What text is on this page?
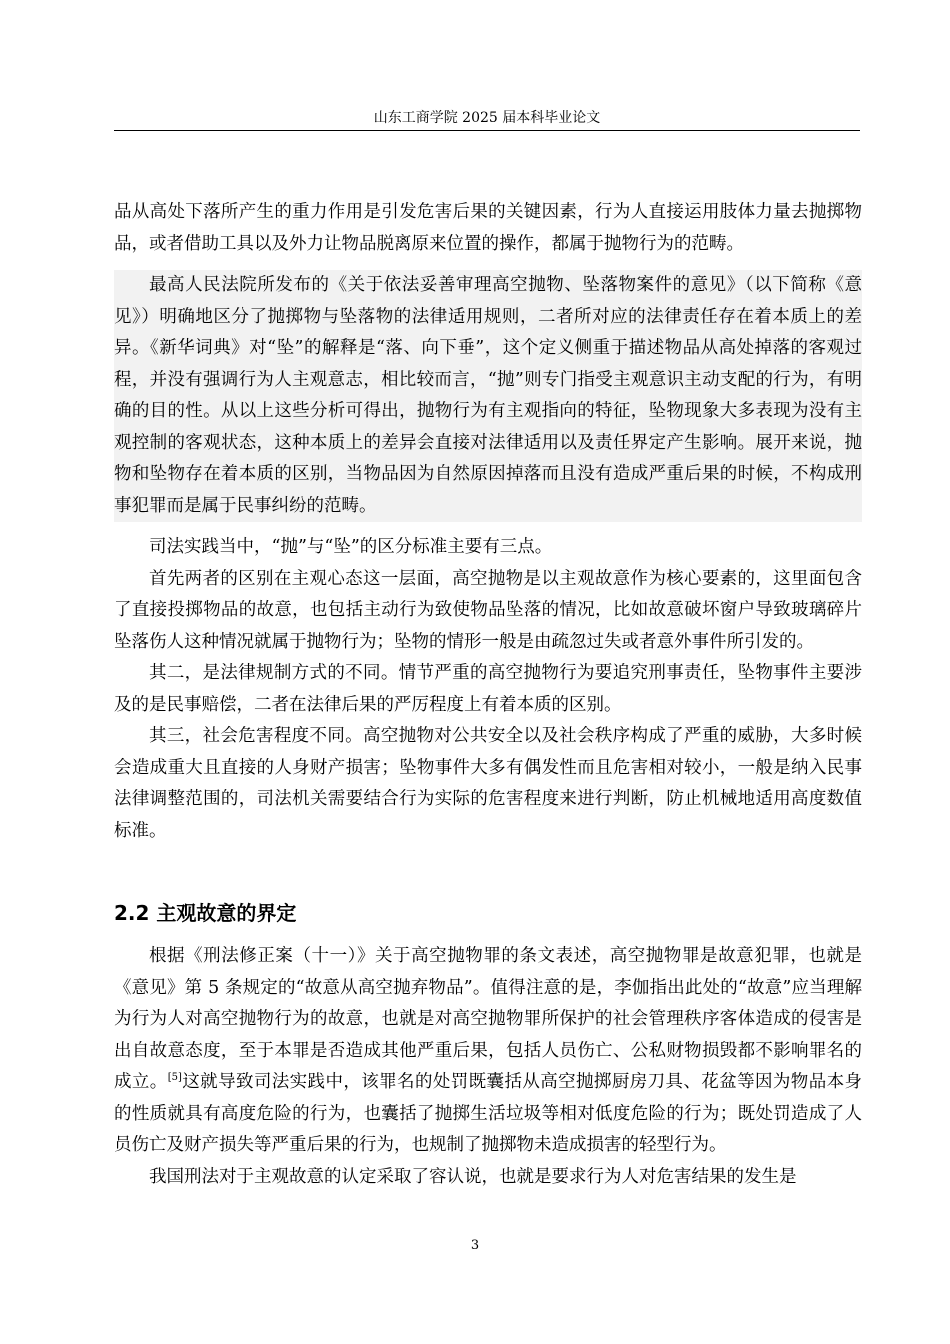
山东工商学院 2025 届本科毕业论文

品从高处下落所产生的重力作用是引发危害后果的关键因素，行为人直接运用肢体力量去抛掷物品，或者借助工具以及外力让物品脱离原来位置的操作，都属于抛物行为的范畴。

最高人民法院所发布的《关于依法妥善审理高空抛物、坠落物案件的意见》（以下简称《意见》）明确地区分了抛掷物与坠落物的法律适用规则，二者所对应的法律责任存在着本质上的差异。《新华词典》对“坠”的解释是“落、向下垂”，这个定义侧重于描述物品从高处掉落的客观过程，并没有强调行为人主观意志，相比较而言，“抛”则专门指受主观意识主动支配的行为，有明确的目的性。从以上这些分析可得出，抛物行为有主观指向的特征，坠物现象大多表现为没有主观控制的客观状态，这种本质上的差异会直接对法律适用以及责任界定产生影响。展开来说，抛物和坠物存在着本质的区别，当物品因为自然原因掉落而且没有造成严重后果的时候，不构成刑事犯罪而是属于民事纠纷的范畴。

司法实践当中，“抛”与“坠”的区分标准主要有三点。

首先两者的区别在主观心态这一层面，高空抛物是以主观故意作为核心要素的，这里面包含了直接投掷物品的故意，也包括主动行为致使物品坠落的情况，比如故意破坏窗户导致玻璃碎片坠落伤人这种情况就属于抛物行为；坠物的情形一般是由疏忽过失或者意外事件所引发的。

其二，是法律规制方式的不同。情节严重的高空抛物行为要追究刑事责任，坠物事件主要涉及的是民事赔偿，二者在法律后果的严厉程度上有着本质的区别。

其三，社会危害程度不同。高空抛物对公共安全以及社会秩序构成了严重的威胁，大多时候会造成重大且直接的人身财产损害；坠物事件大多有偶发性而且危害相对较小，一般是纳入民事法律调整范围的，司法机关需要结合行为实际的危害程度来进行判断，防止机械地适用高度数值标准。

2.2 主观故意的界定

根据《刑法修正案（十一）》关于高空抛物罪的条文表述，高空抛物罪是故意犯罪，也就是《意见》第 5 条规定的“故意从高空抛弃物品”。值得注意的是，李伽指出此处的“故意”应当理解为行为人对高空抛物行为的故意，也就是对高空抛物罪所保护的社会管理秩序客体造成的侵害是出自故意态度，至于本罪是否造成其他严重后果，包括人员伤亡、公私财物损毁都不影响罪名的成立。[5]这就导致司法实践中，该罪名的处罚既囊括从高空抛掷厨房刀具、花盆等因为物品本身的性质就具有高度危险的行为，也囊括了抛掷生活垃圾等相对低度危险的行为；既处罚造成了人员伤亡及财产损失等严重后果的行为，也规制了抛掷物未造成损害的轻型行为。

我国刑法对于主观故意的认定采取了容认说，也就是要求行为人对危害结果的发生是

3
